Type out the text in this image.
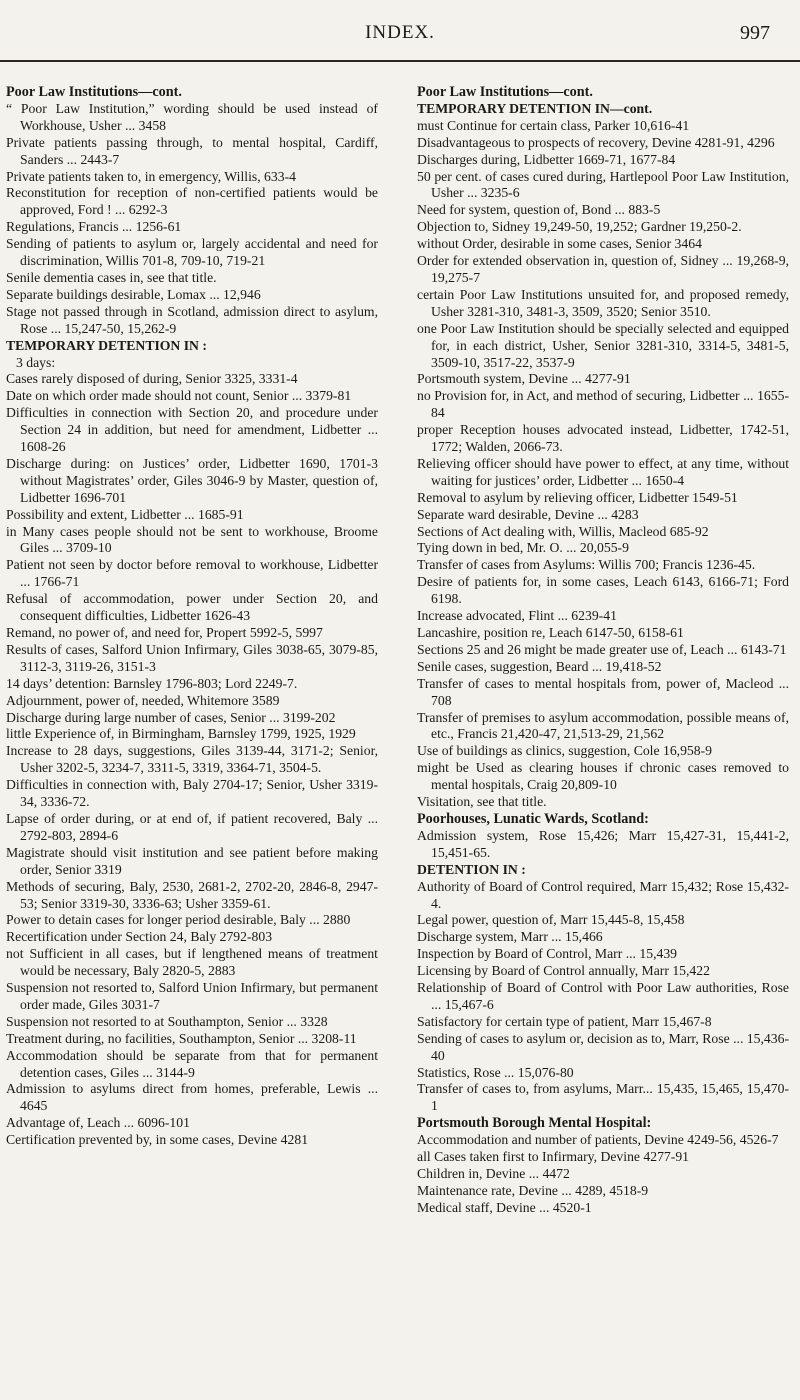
INDEX.	997
Poor Law Institutions—cont.
“ Poor Law Institution,” wording should be used instead of Workhouse, Usher ... 3458
Private patients passing through, to mental hospital, Cardiff, Sanders ... 2443-7
Private patients taken to, in emergency, Willis, 633-4
Reconstitution for reception of non-certified patients would be approved, Ford ! ... 6292-3
Regulations, Francis ... 1256-61
Sending of patients to asylum or, largely accidental and need for discrimination, Willis 701-8, 709-10, 719-21
Senile dementia cases in, see that title.
Separate buildings desirable, Lomax ... 12,946
Stage not passed through in Scotland, admission direct to asylum, Rose ... 15,247-50, 15,262-9
TEMPORARY DETENTION IN :
3 days:
Cases rarely disposed of during, Senior 3325, 3331-4
Date on which order made should not count, Senior ... 3379-81
Difficulties in connection with Section 20, and procedure under Section 24 in addition, but need for amendment, Lidbetter ... 1608-26
Discharge during: on Justices’ order, Lidbetter 1690, 1701-3 without Magistrates’ order, Giles 3046-9 by Master, question of, Lidbetter 1696-701
Possibility and extent, Lidbetter ... 1685-91
in Many cases people should not be sent to workhouse, Broome Giles ... 3709-10
Patient not seen by doctor before removal to workhouse, Lidbetter ... 1766-71
Refusal of accommodation, power under Section 20, and consequent difficulties, Lidbetter 1626-43
Remand, no power of, and need for, Propert 5992-5, 5997
Results of cases, Salford Union Infirmary, Giles 3038-65, 3079-85, 3112-3, 3119-26, 3151-3
14 days’ detention: Barnsley 1796-803; Lord 2249-7.
Adjournment, power of, needed, Whitemore 3589
Discharge during large number of cases, Senior ... 3199-202
little Experience of, in Birmingham, Barnsley 1799, 1925, 1929
Increase to 28 days, suggestions, Giles 3139-44, 3171-2; Senior, Usher 3202-5, 3234-7, 3311-5, 3319, 3364-71, 3504-5.
Difficulties in connection with, Baly 2704-17; Senior, Usher 3319-34, 3336-72.
Lapse of order during, or at end of, if patient recovered, Baly ... 2792-803, 2894-6
Magistrate should visit institution and see patient before making order, Senior 3319
Methods of securing, Baly, 2530, 2681-2, 2702-20, 2846-8, 2947-53; Senior 3319-30, 3336-63; Usher 3359-61.
Power to detain cases for longer period desirable, Baly ... 2880
Recertification under Section 24, Baly 2792-803
not Sufficient in all cases, but if lengthened means of treatment would be necessary, Baly 2820-5, 2883
Suspension not resorted to, Salford Union Infirmary, but permanent order made, Giles 3031-7
Suspension not resorted to at Southampton, Senior ... 3328
Treatment during, no facilities, Southampton, Senior ... 3208-11
Accommodation should be separate from that for permanent detention cases, Giles ... 3144-9
Admission to asylums direct from homes, preferable, Lewis ... 4645
Advantage of, Leach ... 6096-101
Certification prevented by, in some cases, Devine 4281
Poor Law Institutions—cont.
TEMPORARY DETENTION IN—cont.
must Continue for certain class, Parker 10,616-41
Disadvantageous to prospects of recovery, Devine 4281-91, 4296
Discharges during, Lidbetter 1669-71, 1677-84
50 per cent. of cases cured during, Hartlepool Poor Law Institution, Usher ... 3235-6
Need for system, question of, Bond ... 883-5
Objection to, Sidney 19,249-50, 19,252; Gardner 19,250-2.
without Order, desirable in some cases, Senior 3464
Order for extended observation in, question of, Sidney ... 19,268-9, 19,275-7
certain Poor Law Institutions unsuited for, and proposed remedy, Usher 3281-310, 3481-3, 3509, 3520; Senior 3510.
one Poor Law Institution should be specially selected and equipped for, in each district, Usher, Senior 3281-310, 3314-5, 3481-5, 3509-10, 3517-22, 3537-9
Portsmouth system, Devine ... 4277-91
no Provision for, in Act, and method of securing, Lidbetter ... 1655-84
proper Reception houses advocated instead, Lidbetter, 1742-51, 1772; Walden, 2066-73.
Relieving officer should have power to effect, at any time, without waiting for justices’ order, Lidbetter ... 1650-4
Removal to asylum by relieving officer, Lidbetter 1549-51
Separate ward desirable, Devine ... 4283
Sections of Act dealing with, Willis, Macleod 685-92
Tying down in bed, Mr. O. ... 20,055-9
Transfer of cases from Asylums: Willis 700; Francis 1236-45.
Desire of patients for, in some cases, Leach 6143, 6166-71; Ford 6198.
Increase advocated, Flint ... 6239-41
Lancashire, position re, Leach 6147-50, 6158-61
Sections 25 and 26 might be made greater use of, Leach ... 6143-71
Senile cases, suggestion, Beard ... 19,418-52
Transfer of cases to mental hospitals from, power of, Macleod ... 708
Transfer of premises to asylum accommodation, possible means of, etc., Francis 21,420-47, 21,513-29, 21,562
Use of buildings as clinics, suggestion, Cole 16,958-9
might be Used as clearing houses if chronic cases removed to mental hospitals, Craig 20,809-10
Visitation, see that title.
Poorhouses, Lunatic Wards, Scotland:
Admission system, Rose 15,426; Marr 15,427-31, 15,441-2, 15,451-65.
DETENTION IN :
Authority of Board of Control required, Marr 15,432; Rose 15,432-4.
Legal power, question of, Marr 15,445-8, 15,458
Discharge system, Marr ... 15,466
Inspection by Board of Control, Marr ... 15,439
Licensing by Board of Control annually, Marr 15,422
Relationship of Board of Control with Poor Law authorities, Rose ... 15,467-6
Satisfactory for certain type of patient, Marr 15,467-8
Sending of cases to asylum or, decision as to, Marr, Rose ... 15,436-40
Statistics, Rose ... 15,076-80
Transfer of cases to, from asylums, Marr... 15,435, 15,465, 15,470-1
Portsmouth Borough Mental Hospital:
Accommodation and number of patients, Devine 4249-56, 4526-7
all Cases taken first to Infirmary, Devine 4277-91
Children in, Devine ... 4472
Maintenance rate, Devine ... 4289, 4518-9
Medical staff, Devine ... 4520-1
